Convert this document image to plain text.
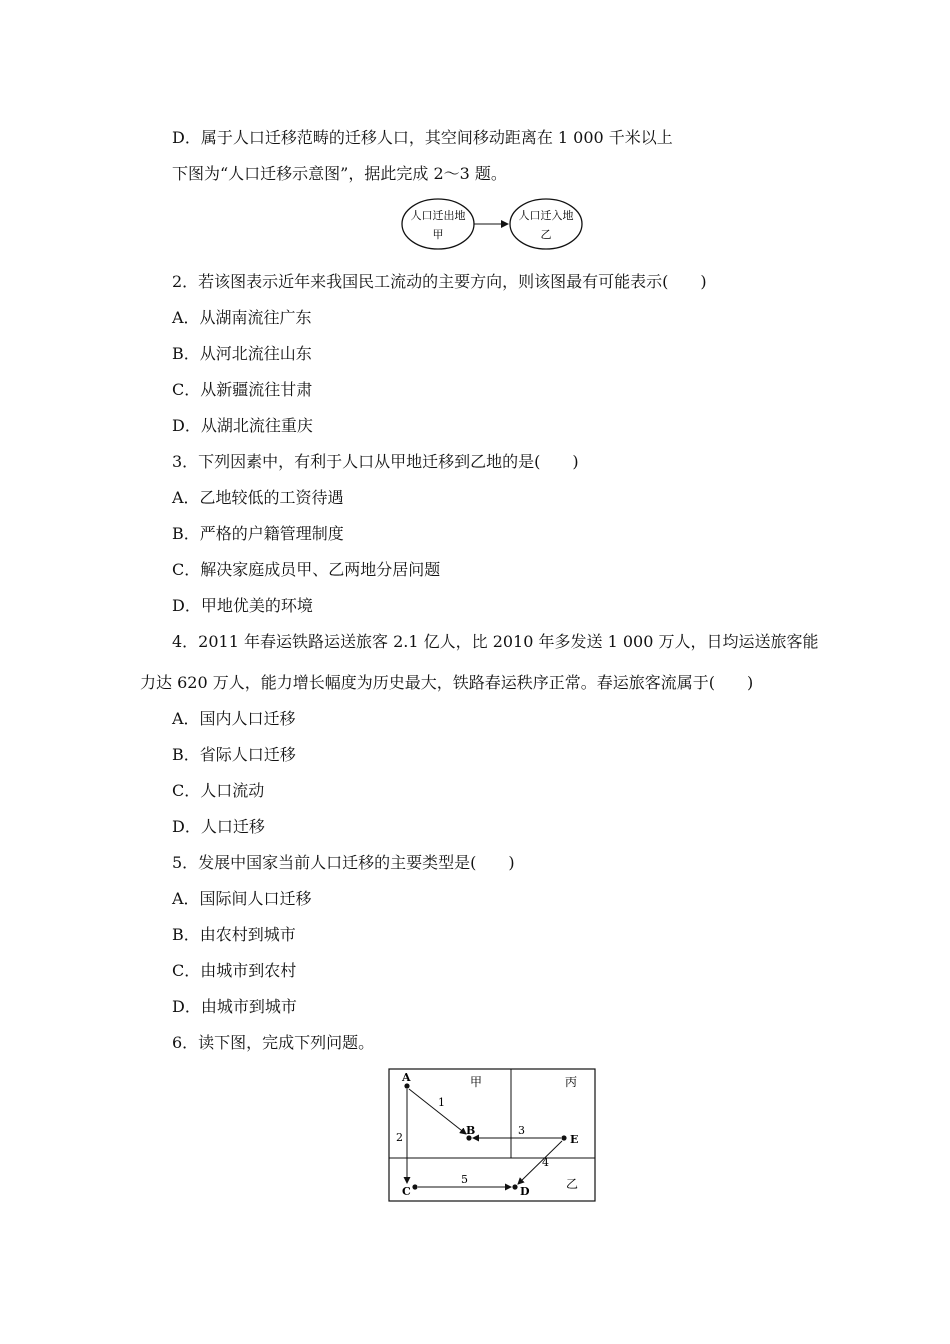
D．属于人口迁移范畴的迁移人口，其空间移动距离在 1 000 千米以上
下图为“人口迁移示意图”，据此完成 2～3 题。
人口迁出地
甲
人口迁入地
乙
2．若该图表示近年来我国民工流动的主要方向，则该图最有可能表示(　　)
A．从湖南流往广东
B．从河北流往山东
C．从新疆流往甘肃
D．从湖北流往重庆
3．下列因素中，有利于人口从甲地迁移到乙地的是(　　)
A．乙地较低的工资待遇
B．严格的户籍管理制度
C．解决家庭成员甲、乙两地分居问题
D．甲地优美的环境
4．2011 年春运铁路运送旅客 2.1 亿人，比 2010 年多发送 1 000 万人，日均运送旅客能
力达 620 万人，能力增长幅度为历史最大，铁路春运秩序正常。春运旅客流属于(　　)
A．国内人口迁移
B．省际人口迁移
C．人口流动
D．人口迁移
5．发展中国家当前人口迁移的主要类型是(　　)
A．国际间人口迁移
B．由农村到城市
C．由城市到农村
D．由城市到城市
6．读下图，完成下列问题。
甲	丙
乙
A
B
C	D
E
1
2
3
4
5
